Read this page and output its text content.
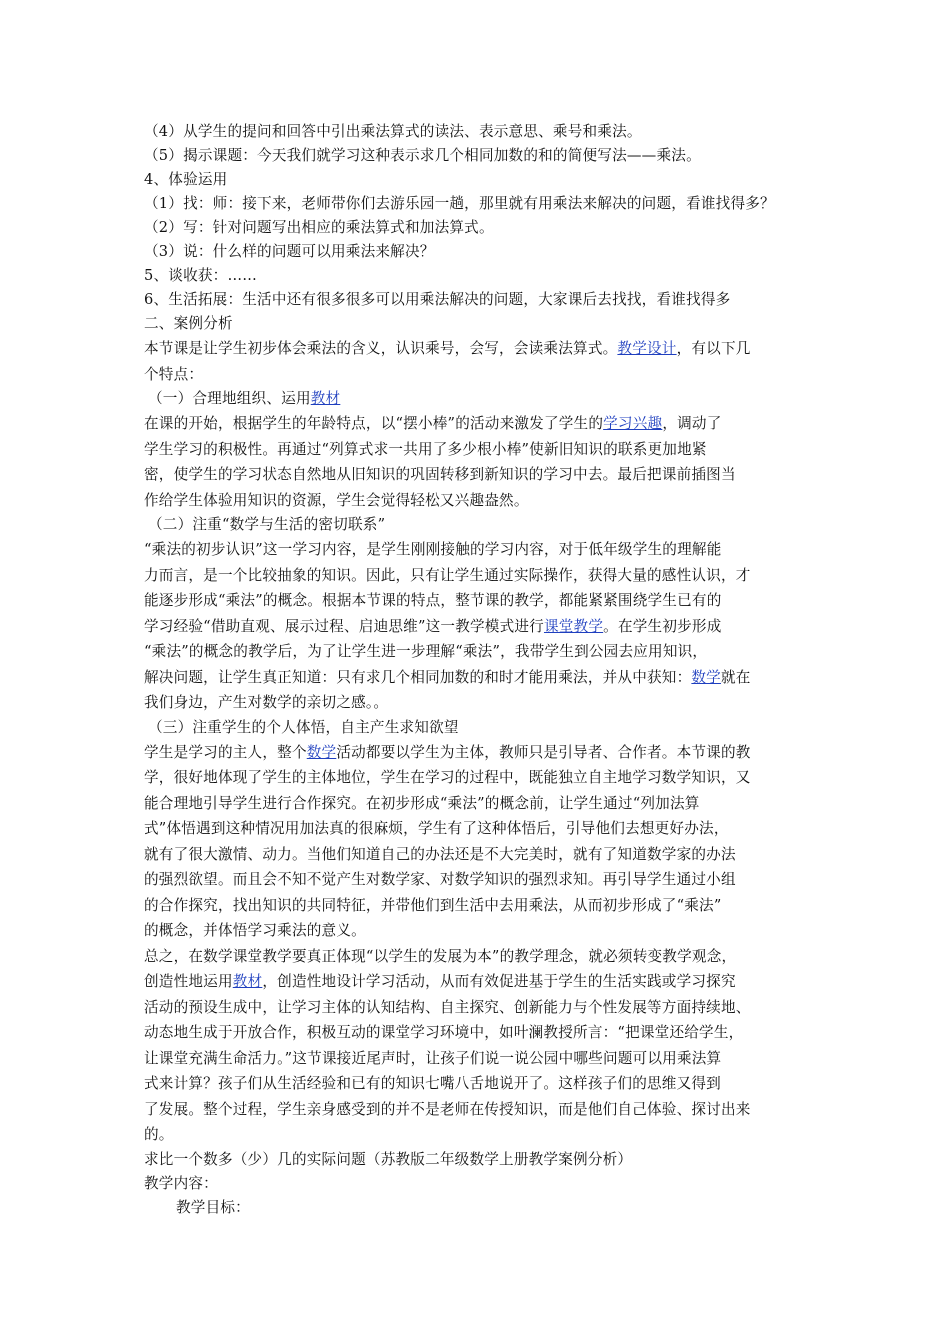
（4）从学生的提问和回答中引出乘法算式的读法、表示意思、乘号和乘法。
（5）揭示课题：今天我们就学习这种表示求几个相同加数的和的简便写法——乘法。
4、体验运用
（1）找：师：接下来，老师带你们去游乐园一趟，那里就有用乘法来解决的问题，看谁找得多？
（2）写：针对问题写出相应的乘法算式和加法算式。
（3）说：什么样的问题可以用乘法来解决？
5、谈收获：……
6、生活拓展：生活中还有很多很多可以用乘法解决的问题，大家课后去找找，看谁找得多
二、案例分析
本节课是让学生初步体会乘法的含义，认识乘号，会写，会读乘法算式。教学设计，有以下几
个特点：
（一）合理地组织、运用教材
在课的开始，根据学生的年龄特点，以“摆小棒”的活动来激发了学生的学习兴趣，调动了
学生学习的积极性。再通过“列算式求一共用了多少根小棒”使新旧知识的联系更加地紧
密，使学生的学习状态自然地从旧知识的巩固转移到新知识的学习中去。最后把课前插图当
作给学生体验用知识的资源，学生会觉得轻松又兴趣盎然。
（二）注重“数学与生活的密切联系”
“乘法的初步认识”这一学习内容，是学生刚刚接触的学习内容，对于低年级学生的理解能
力而言，是一个比较抽象的知识。因此，只有让学生通过实际操作，获得大量的感性认识，才
能逐步形成“乘法”的概念。根据本节课的特点，整节课的教学，都能紧紧围绕学生已有的
学习经验“借助直观、展示过程、启迪思维”这一教学模式进行课堂教学。在学生初步形成
“乘法”的概念的教学后，为了让学生进一步理解“乘法”，我带学生到公园去应用知识，
解决问题，让学生真正知道：只有求几个相同加数的和时才能用乘法，并从中获知：数学就在
我们身边，产生对数学的亲切之感。。
（三）注重学生的个人体悟，自主产生求知欲望
学生是学习的主人，整个数学活动都要以学生为主体，教师只是引导者、合作者。本节课的教
学，很好地体现了学生的主体地位，学生在学习的过程中，既能独立自主地学习数学知识，又
能合理地引导学生进行合作探究。在初步形成“乘法”的概念前，让学生通过“列加法算
式”体悟遇到这种情况用加法真的很麻烦，学生有了这种体悟后，引导他们去想更好办法，
就有了很大激情、动力。当他们知道自己的办法还是不大完美时，就有了知道数学家的办法
的强烈欲望。而且会不知不觉产生对数学家、对数学知识的强烈求知。再引导学生通过小组
的合作探究，找出知识的共同特征，并带他们到生活中去用乘法，从而初步形成了“乘法”
的概念，并体悟学习乘法的意义。
总之，在数学课堂教学要真正体现“以学生的发展为本”的教学理念，就必须转变教学观念，
创造性地运用教材，创造性地设计学习活动，从而有效促进基于学生的生活实践或学习探究
活动的预设生成中，让学习主体的认知结构、自主探究、创新能力与个性发展等方面持续地、
动态地生成于开放合作，积极互动的课堂学习环境中，如叶澜教授所言：“把课堂还给学生，
让课堂充满生命活力。”这节课接近尾声时，让孩子们说一说公园中哪些问题可以用乘法算
式来计算？孩子们从生活经验和已有的知识七嘴八舌地说开了。这样孩子们的思维又得到
了发展。整个过程，学生亲身感受到的并不是老师在传授知识，而是他们自己体验、探讨出来
的。
求比一个数多（少）几的实际问题（苏教版二年级数学上册教学案例分析）
教学内容：
教学目标：
